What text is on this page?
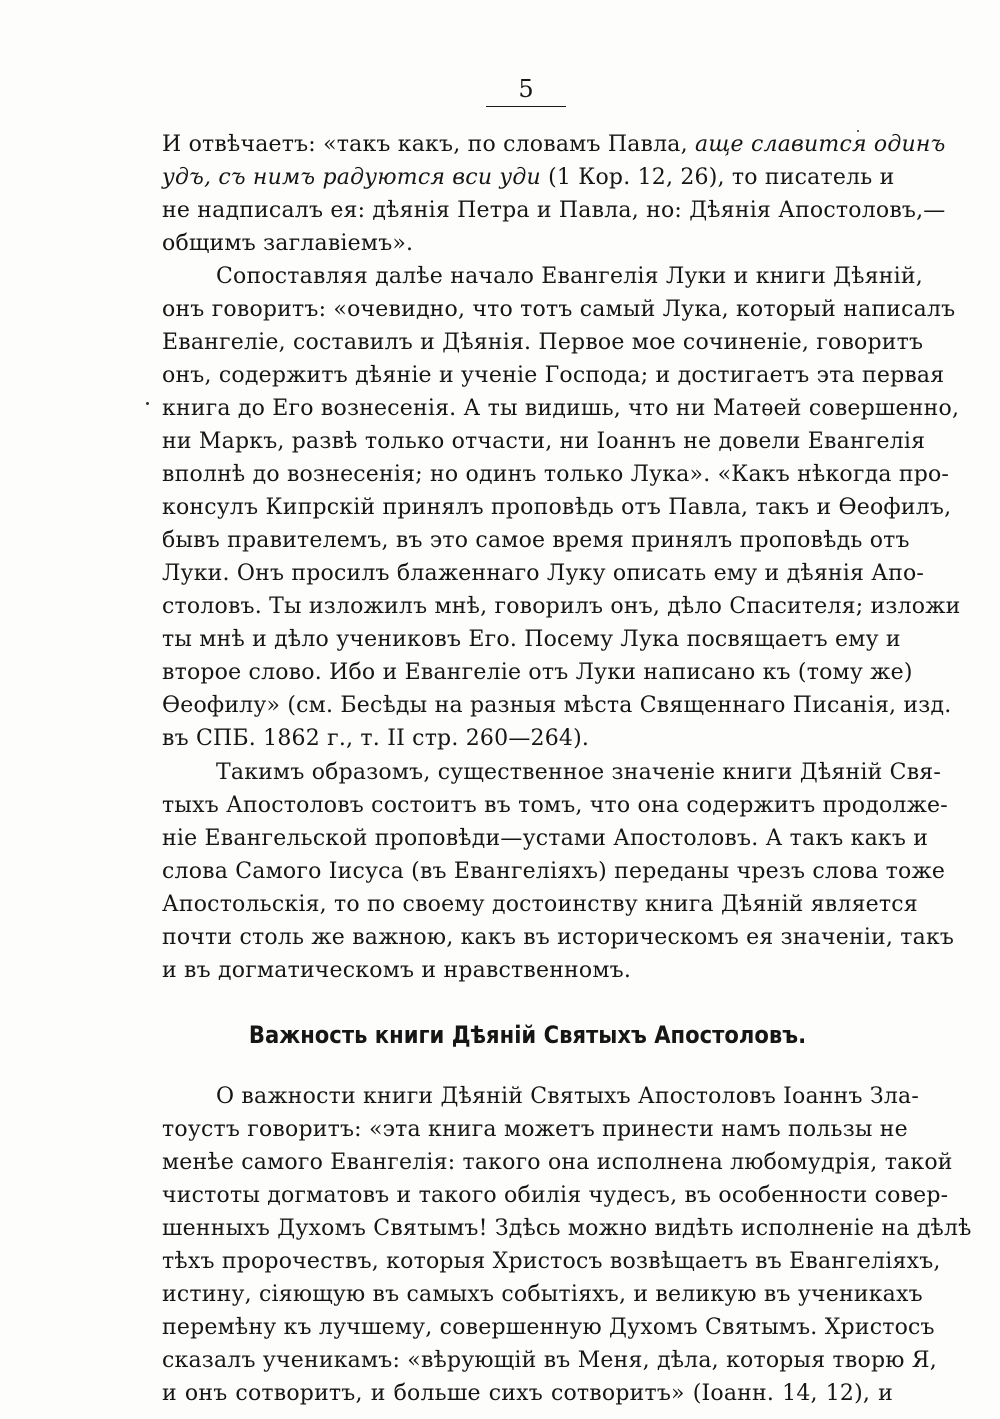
5
И отвѣчаетъ: «такъ какъ, по словамъ Павла, аще славится одинъ
удъ, съ нимъ радуются вси уди (1 Кор. 12, 26), то писатель и
не надписалъ ея: дѣянія Петра и Павла, но: Дѣянія Апостоловъ,—
общимъ заглавіемъ».
Сопоставляя далѣе начало Евангелія Луки и книги Дѣяній,
онъ говоритъ: «очевидно, что тотъ самый Лука, который написалъ
Евангеліе, составилъ и Дѣянія. Первое мое сочиненіе, говоритъ
онъ, содержитъ дѣяніе и ученіе Господа; и достигаетъ эта первая
книга до Его вознесенія. А ты видишь, что ни Матѳей совершенно,
ни Маркъ, развѣ только отчасти, ни Іоаннъ не довели Евангелія
вполнѣ до вознесенія; но одинъ только Лука». «Какъ нѣкогда про-
консулъ Кипрскій принялъ проповѣдь отъ Павла, такъ и Ѳеофилъ,
бывъ правителемъ, въ это самое время принялъ проповѣдь отъ
Луки. Онъ просилъ блаженнаго Луку описать ему и дѣянія Апо-
столовъ. Ты изложилъ мнѣ, говорилъ онъ, дѣло Спасителя; изложи
ты мнѣ и дѣло учениковъ Его. Посему Лука посвящаетъ ему и
второе слово. Ибо и Евангеліе отъ Луки написано къ (тому же)
Ѳеофилу» (см. Бесѣды на разныя мѣста Священнаго Писанія, изд.
въ СПБ. 1862 г., т. II стр. 260—264).
Такимъ образомъ, существенное значеніе книги Дѣяній Свя-
тыхъ Апостоловъ состоитъ въ томъ, что она содержитъ продолже-
ніе Евангельской проповѣди—устами Апостоловъ. А такъ какъ и
слова Самого Іисуса (въ Евангеліяхъ) переданы чрезъ слова тоже
Апостольскія, то по своему достоинству книга Дѣяній является
почти столь же важною, какъ въ историческомъ ея значеніи, такъ
и въ догматическомъ и нравственномъ.
Важность книги Дѣяній Святыхъ Апостоловъ.
О важности книги Дѣяній Святыхъ Апостоловъ Іоаннъ Зла-
тоустъ говоритъ: «эта книга можетъ принести намъ пользы не
менѣе самого Евангелія: такого она исполнена любомудрія, такой
чистоты догматовъ и такого обилія чудесъ, въ особенности совер-
шенныхъ Духомъ Святымъ! Здѣсь можно видѣть исполненіе на дѣлѣ
тѣхъ пророчествъ, которыя Христосъ возвѣщаетъ въ Евангеліяхъ,
истину, сіяющую въ самыхъ событіяхъ, и великую въ ученикахъ
перемѣну къ лучшему, совершенную Духомъ Святымъ. Христосъ
сказалъ ученикамъ: «вѣрующій въ Меня, дѣла, которыя творю Я,
и онъ сотворитъ, и больше сихъ сотворитъ» (Іоанн. 14, 12), и
